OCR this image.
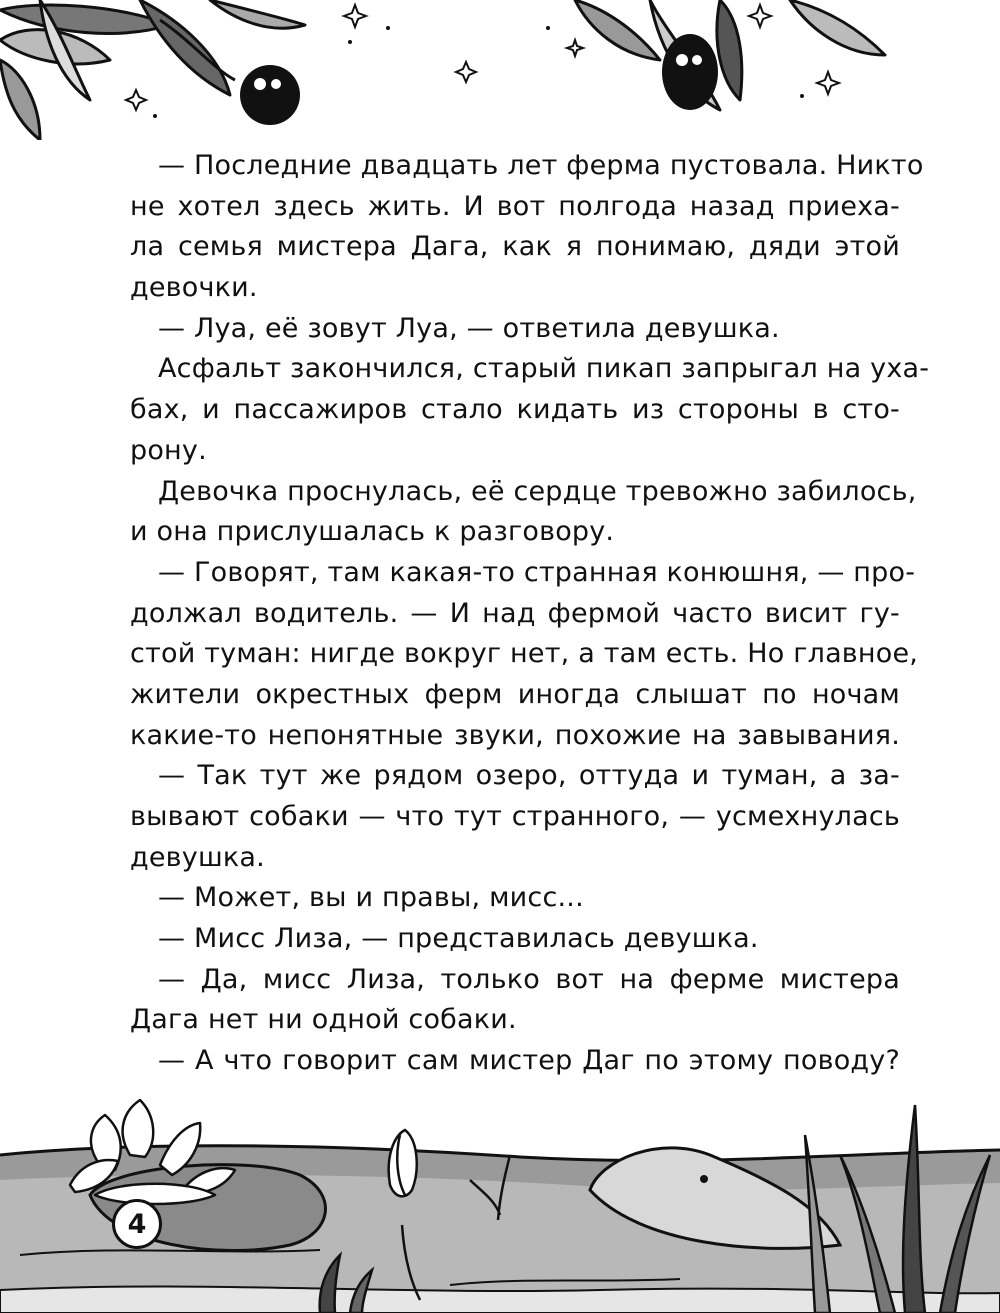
— Последние двадцать лет ферма пустовала. Никто
не хотел здесь жить. И вот полгода назад приеха-
ла семья мистера Дага, как я понимаю, дяди этой
девочки.
— Луа, её зовут Луа, — ответила девушка.
Асфальт закончился, старый пикап запрыгал на уха-
бах, и пассажиров стало кидать из стороны в сто-
рону.
Девочка проснулась, её сердце тревожно забилось,
и она прислушалась к разговору.
— Говорят, там какая-то странная конюшня, — про-
должал водитель. — И над фермой часто висит гу-
стой туман: нигде вокруг нет, а там есть. Но главное,
жители окрестных ферм иногда слышат по ночам
какие-то непонятные звуки, похожие на завывания.
— Так тут же рядом озеро, оттуда и туман, а за-
вывают собаки — что тут странного, — усмехнулась
девушка.
— Может, вы и правы, мисс...
— Мисс Лиза, — представилась девушка.
— Да, мисс Лиза, только вот на ферме мистера
Дага нет ни одной собаки.
— А что говорит сам мистер Даг по этому поводу?
4
